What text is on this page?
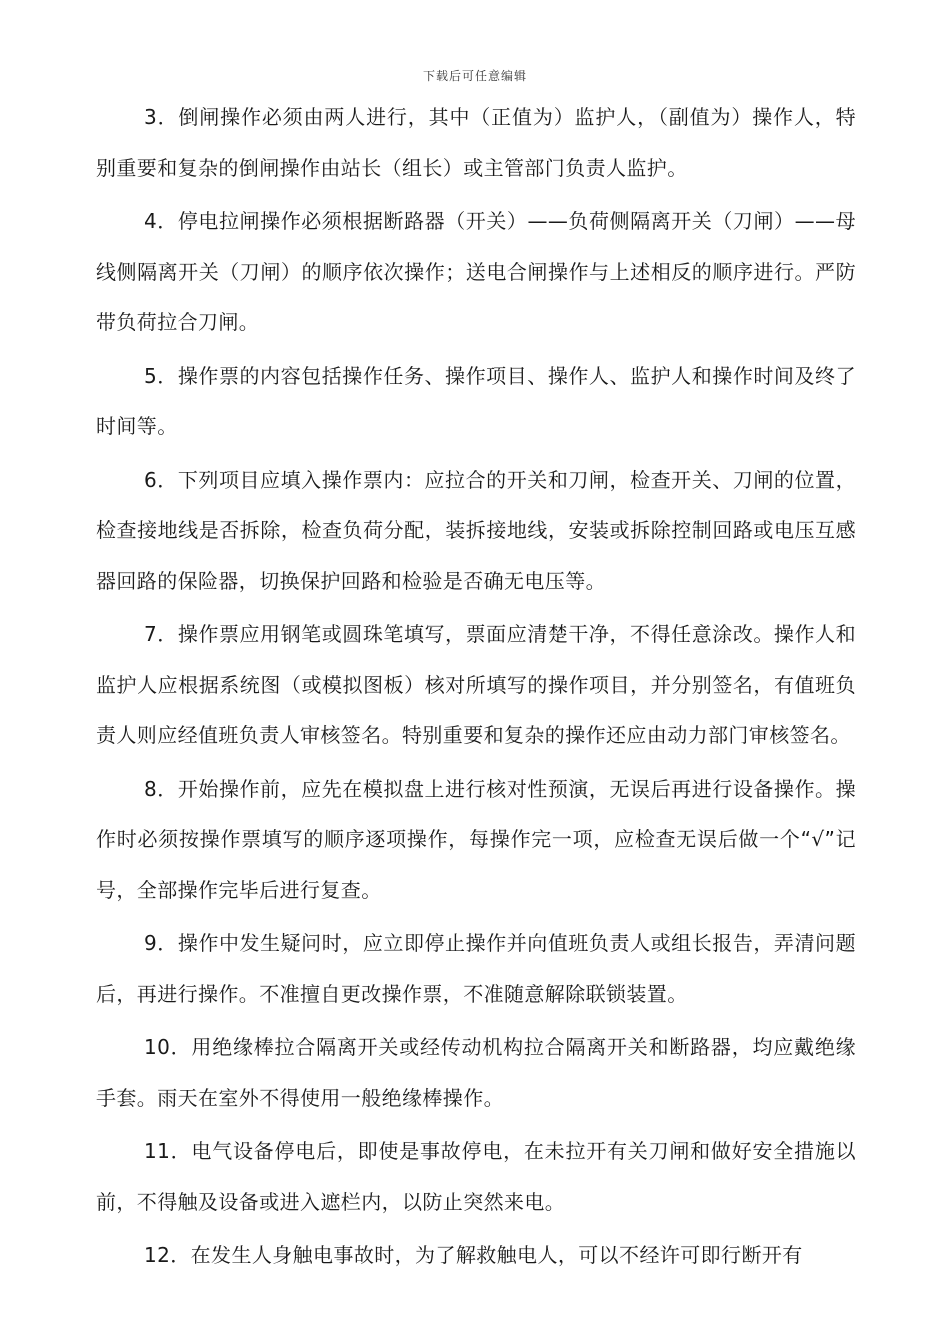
下载后可任意编辑

3．倒闸操作必须由两人进行，其中（正值为）监护人，（副值为）操作人，特别重要和复杂的倒闸操作由站长（组长）或主管部门负责人监护。

4．停电拉闸操作必须根据断路器（开关）——负荷侧隔离开关（刀闸）——母线侧隔离开关（刀闸）的顺序依次操作；送电合闸操作与上述相反的顺序进行。严防带负荷拉合刀闸。

5．操作票的内容包括操作任务、操作项目、操作人、监护人和操作时间及终了时间等。

6．下列项目应填入操作票内：应拉合的开关和刀闸，检查开关、刀闸的位置，检查接地线是否拆除，检查负荷分配，装拆接地线，安装或拆除控制回路或电压互感器回路的保险器，切换保护回路和检验是否确无电压等。

7．操作票应用钢笔或圆珠笔填写，票面应清楚干净，不得任意涂改。操作人和监护人应根据系统图（或模拟图板）核对所填写的操作项目，并分别签名，有值班负责人则应经值班负责人审核签名。特别重要和复杂的操作还应由动力部门审核签名。

8．开始操作前，应先在模拟盘上进行核对性预演，无误后再进行设备操作。操作时必须按操作票填写的顺序逐项操作，每操作完一项，应检查无误后做一个“√”记号，全部操作完毕后进行复查。

9．操作中发生疑问时，应立即停止操作并向值班负责人或组长报告，弄清问题后，再进行操作。不准擅自更改操作票，不准随意解除联锁装置。

10．用绝缘棒拉合隔离开关或经传动机构拉合隔离开关和断路器，均应戴绝缘手套。雨天在室外不得使用一般绝缘棒操作。

11．电气设备停电后，即使是事故停电，在未拉开有关刀闸和做好安全措施以前，不得触及设备或进入遮栏内，以防止突然来电。

12．在发生人身触电事故时，为了解救触电人，可以不经许可即行断开有
